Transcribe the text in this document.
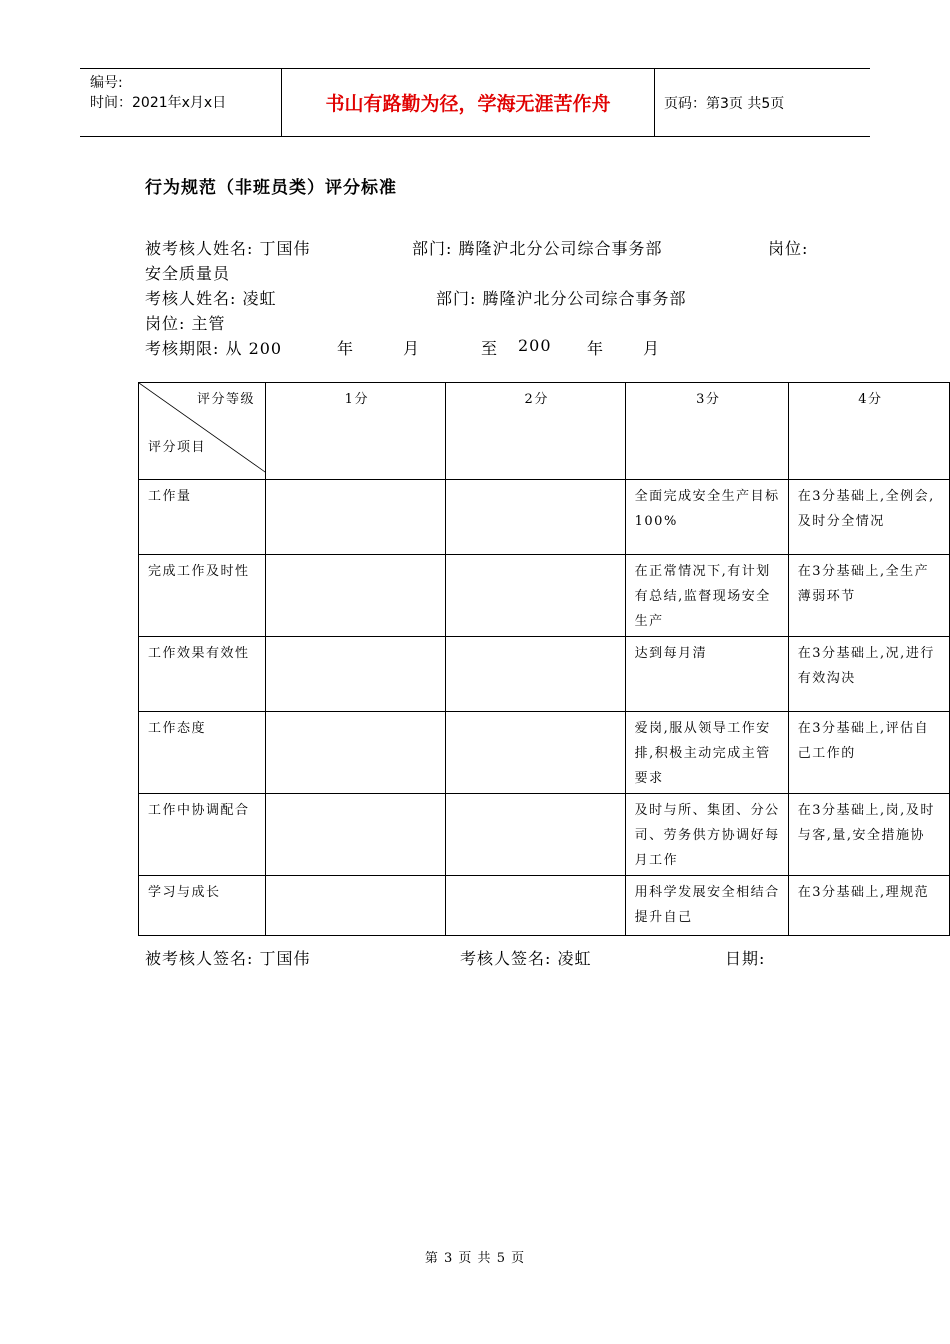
编号:
时间：2021年x月x日	书山有路勤为径，学海无涯苦作舟	页码：第3页 共5页
行为规范（非班员类）评分标准
被考核人姓名: 丁国伟	部门: 腾隆沪北分公司综合事务部	岗位:
安全质量员
考核人姓名: 凌虹	部门: 腾隆沪北分公司综合事务部
岗位: 主管
考核期限: 从 200	年	月	至 200 年 月
评分等级
评分项目	1分	2分	3分	4分
工作量			全面完成安全生产目标100%	在3分基础上,全例会,及时分全情况
完成工作及时性			在正常情况下,有计划有总结,监督现场安全生产	在3分基础上,全生产薄弱环节
工作效果有效性			达到每月清	在3分基础上,况,进行有效沟决
工作态度			爱岗,服从领导工作安排,积极主动完成主管要求	在3分基础上,评估自己工作的
工作中协调配合			及时与所、集团、分公司、劳务供方协调好每月工作	在3分基础上,岗,及时与客,量,安全措施协
学习与成长			用科学发展安全相结合提升自己	在3分基础上,理规范
被考核人签名: 丁国伟	考核人签名: 凌虹	日期:
第 3 页 共 5 页
